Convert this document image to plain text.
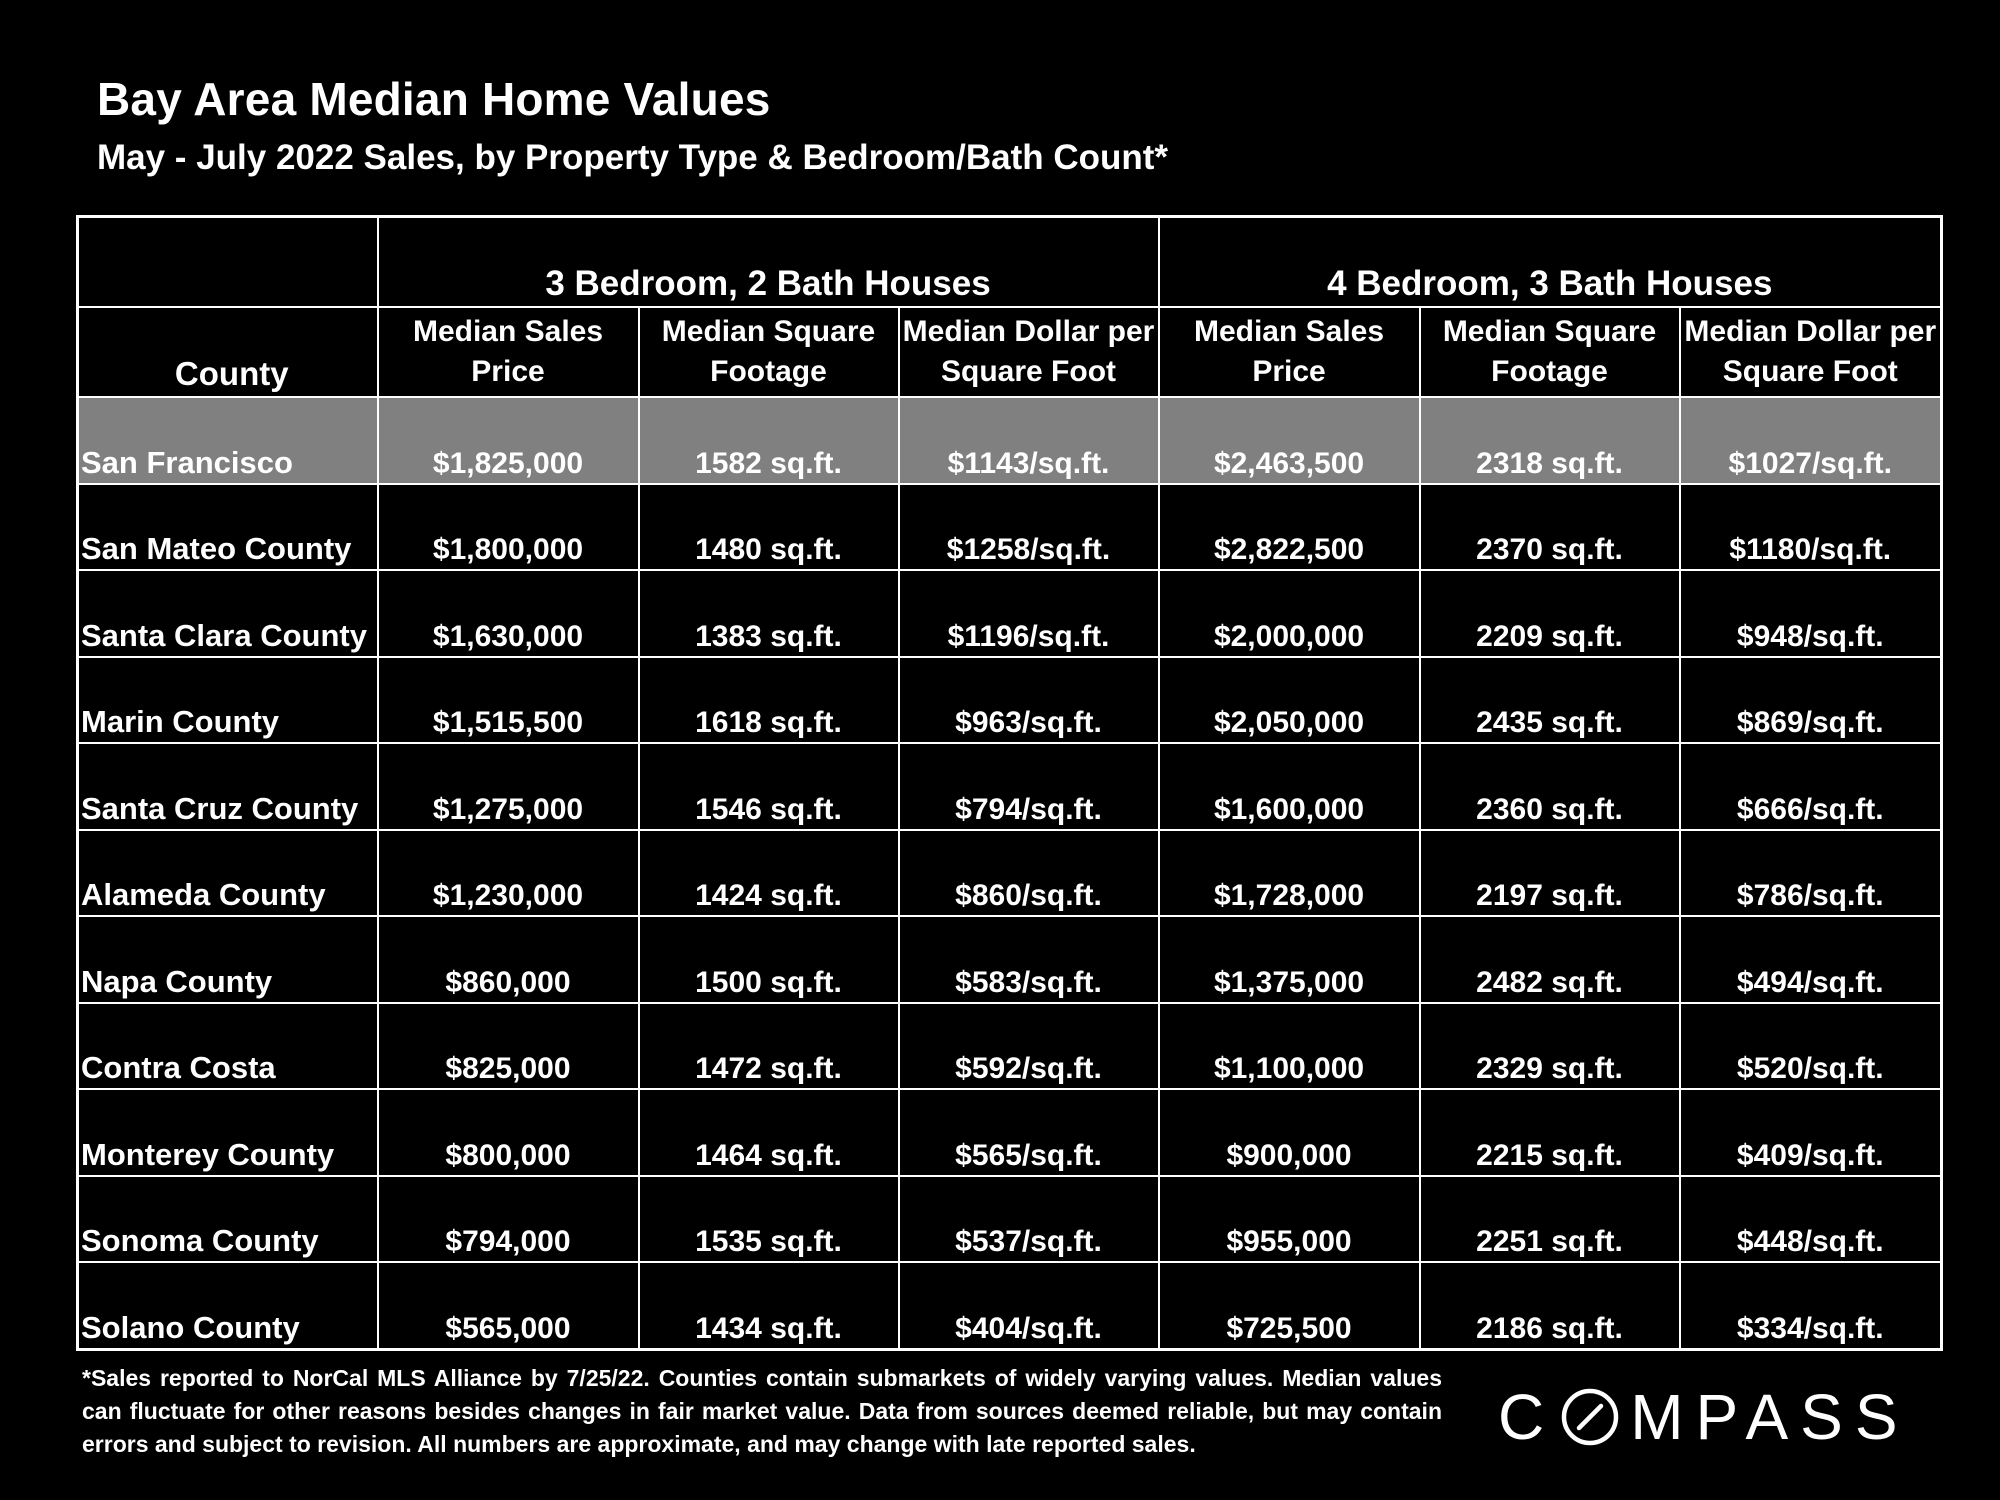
Bay Area Median Home Values
May - July 2022 Sales, by Property Type & Bedroom/Bath Count*
	3 Bedroom, 2 Bath Houses			4 Bedroom, 3 Bath Houses		
County	Median Sales Price	Median Square Footage	Median Dollar per Square Foot	Median Sales Price	Median Square Footage	Median Dollar per Square Foot
San Francisco	$1,825,000	1582 sq.ft.	$1143/sq.ft.	$2,463,500	2318 sq.ft.	$1027/sq.ft.
San Mateo County	$1,800,000	1480 sq.ft.	$1258/sq.ft.	$2,822,500	2370 sq.ft.	$1180/sq.ft.
Santa Clara County	$1,630,000	1383 sq.ft.	$1196/sq.ft.	$2,000,000	2209 sq.ft.	$948/sq.ft.
Marin County	$1,515,500	1618 sq.ft.	$963/sq.ft.	$2,050,000	2435 sq.ft.	$869/sq.ft.
Santa Cruz County	$1,275,000	1546 sq.ft.	$794/sq.ft.	$1,600,000	2360 sq.ft.	$666/sq.ft.
Alameda County	$1,230,000	1424 sq.ft.	$860/sq.ft.	$1,728,000	2197 sq.ft.	$786/sq.ft.
Napa County	$860,000	1500 sq.ft.	$583/sq.ft.	$1,375,000	2482 sq.ft.	$494/sq.ft.
Contra Costa	$825,000	1472 sq.ft.	$592/sq.ft.	$1,100,000	2329 sq.ft.	$520/sq.ft.
Monterey County	$800,000	1464 sq.ft.	$565/sq.ft.	$900,000	2215 sq.ft.	$409/sq.ft.
Sonoma County	$794,000	1535 sq.ft.	$537/sq.ft.	$955,000	2251 sq.ft.	$448/sq.ft.
Solano County	$565,000	1434 sq.ft.	$404/sq.ft.	$725,500	2186 sq.ft.	$334/sq.ft.
*Sales reported to NorCal MLS Alliance by 7/25/22. Counties contain submarkets of widely varying values. Median values can fluctuate for other reasons besides changes in fair market value. Data from sources deemed reliable, but may contain errors and subject to revision. All numbers are approximate, and may change with late reported sales.	C MPASS
